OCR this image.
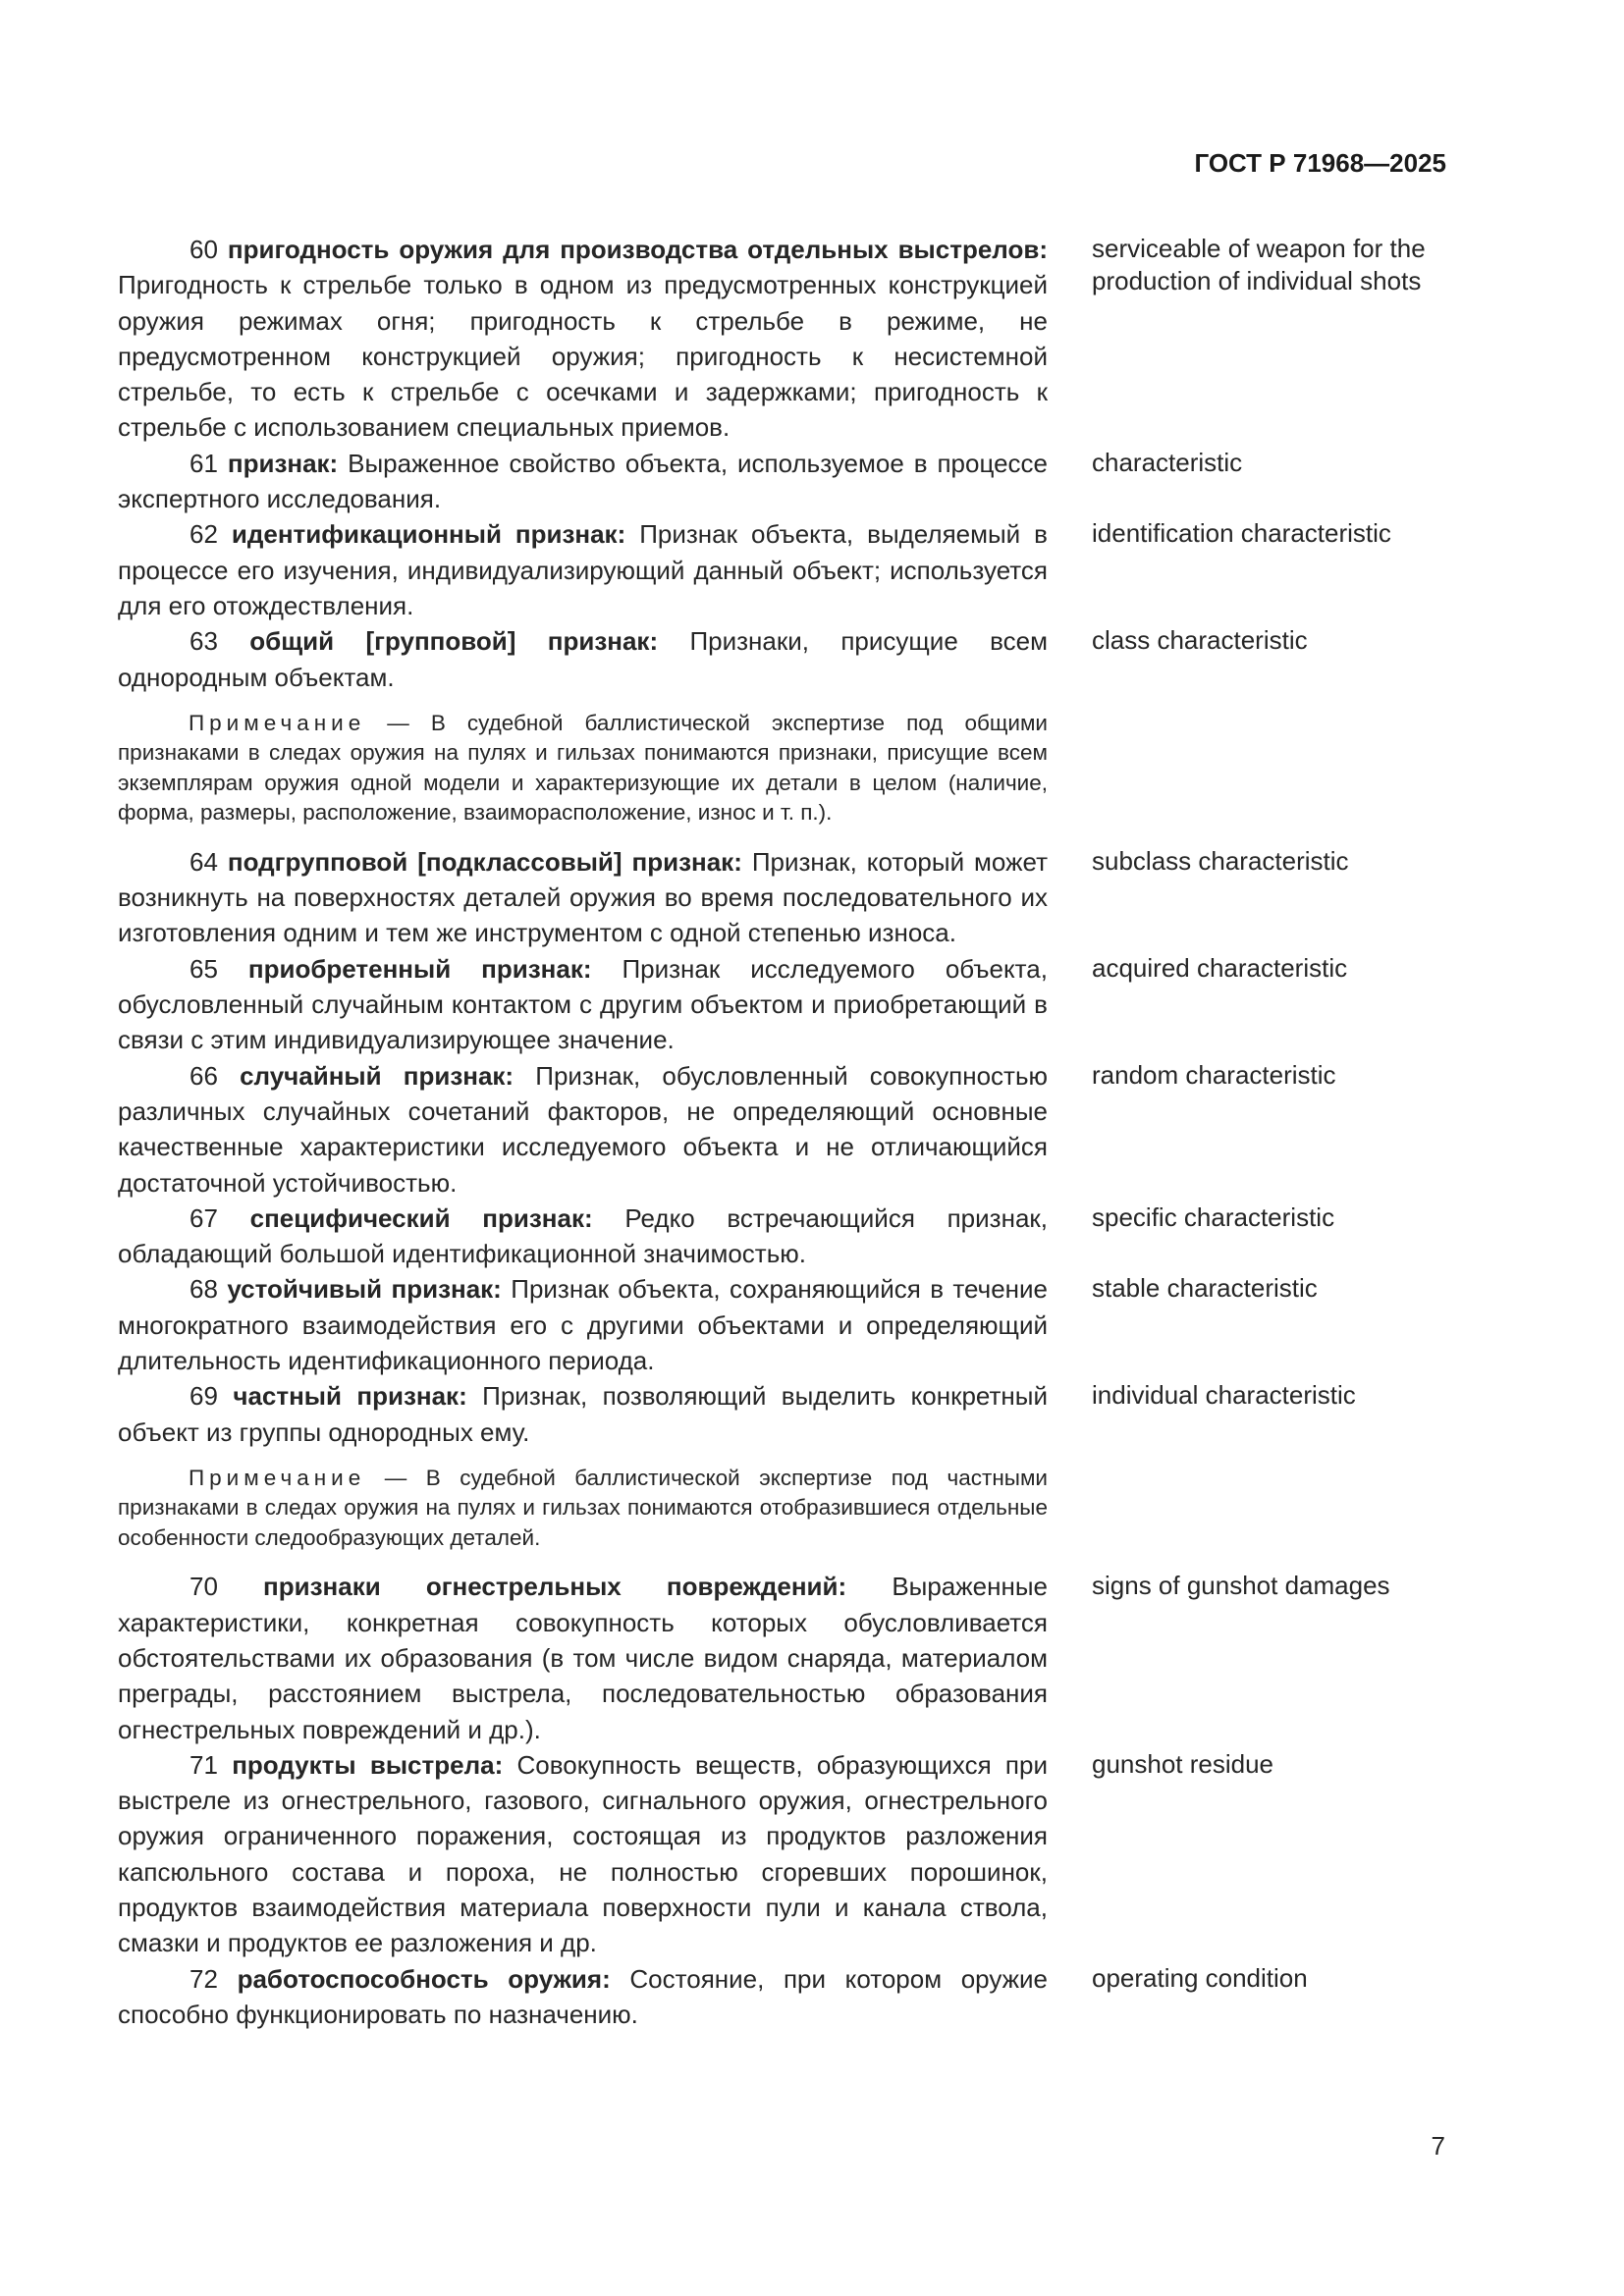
ГОСТ Р 71968—2025

60 пригодность оружия для производства отдельных выстрелов: Пригодность к стрельбе только в одном из предусмотренных конструкцией оружия режимах огня; пригодность к стрельбе в режиме, не предусмотренном конструкцией оружия; пригодность к несистемной стрельбе, то есть к стрельбе с осечками и задержками; пригодность к стрельбе с использованием специальных приемов.

serviceable of weapon for the production of individual shots

61 признак: Выраженное свойство объекта, используемое в процессе экспертного исследования.

characteristic

62 идентификационный признак: Признак объекта, выделяемый в процессе его изучения, индивидуализирующий данный объект; используется для его отождествления.

identification characteristic

63 общий [групповой] признак: Признаки, присущие всем однородным объектам.

class characteristic

Примечание — В судебной баллистической экспертизе под общими признаками в следах оружия на пулях и гильзах понимаются признаки, присущие всем экземплярам оружия одной модели и характеризующие их детали в целом (наличие, форма, размеры, расположение, взаиморасположение, износ и т. п.).

64 подгрупповой [подклассовый] признак: Признак, который может возникнуть на поверхностях деталей оружия во время последовательного их изготовления одним и тем же инструментом с одной степенью износа.

subclass characteristic

65 приобретенный признак: Признак исследуемого объекта, обусловленный случайным контактом с другим объектом и приобретающий в связи с этим индивидуализирующее значение.

acquired characteristic

66 случайный признак: Признак, обусловленный совокупностью различных случайных сочетаний факторов, не определяющий основные качественные характеристики исследуемого объекта и не отличающийся достаточной устойчивостью.

random characteristic

67 специфический признак: Редко встречающийся признак, обладающий большой идентификационной значимостью.

specific characteristic

68 устойчивый признак: Признак объекта, сохраняющийся в течение многократного взаимодействия его с другими объектами и определяющий длительность идентификационного периода.

stable characteristic

69 частный признак: Признак, позволяющий выделить конкретный объект из группы однородных ему.

individual characteristic

Примечание — В судебной баллистической экспертизе под частными признаками в следах оружия на пулях и гильзах понимаются отобразившиеся отдельные особенности следообразующих деталей.

70 признаки огнестрельных повреждений: Выраженные характеристики, конкретная совокупность которых обусловливается обстоятельствами их образования (в том числе видом снаряда, материалом преграды, расстоянием выстрела, последовательностью образования огнестрельных повреждений и др.).

signs of gunshot damages

71 продукты выстрела: Совокупность веществ, образующихся при выстреле из огнестрельного, газового, сигнального оружия, огнестрельного оружия ограниченного поражения, состоящая из продуктов разложения капсюльного состава и пороха, не полностью сгоревших порошинок, продуктов взаимодействия материала поверхности пули и канала ствола, смазки и продуктов ее разложения и др.

gunshot residue

72 работоспособность оружия: Состояние, при котором оружие способно функционировать по назначению.

operating condition
7
